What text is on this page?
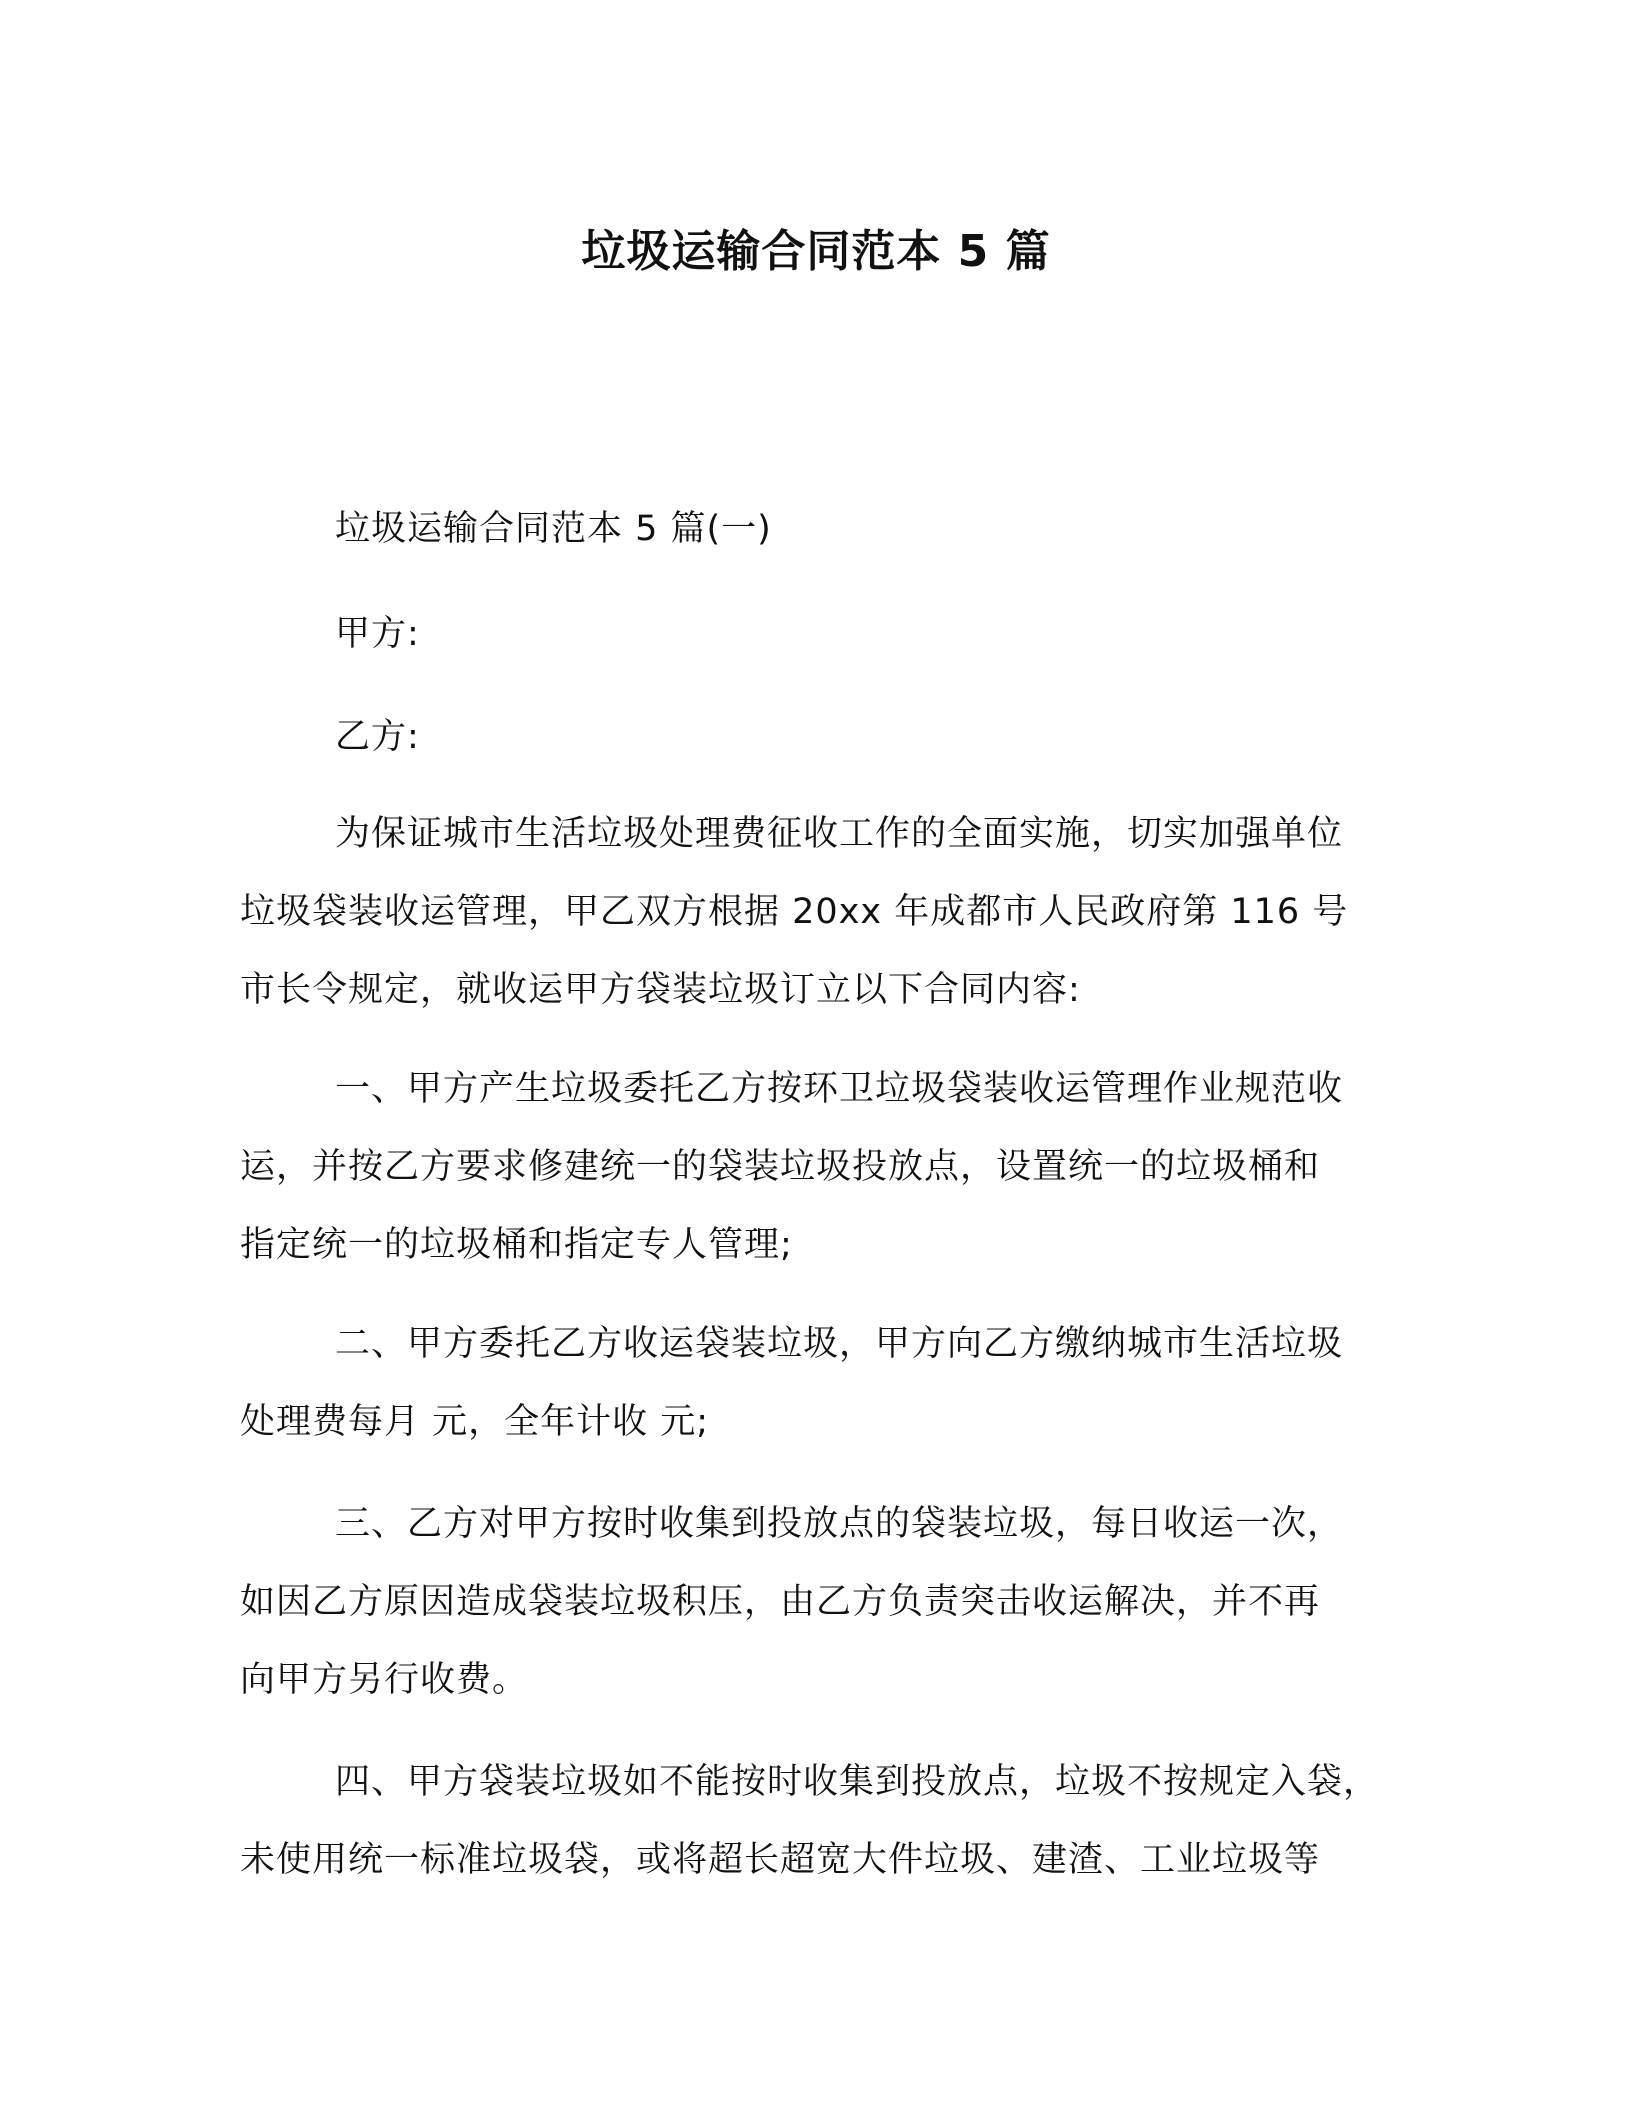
垃圾运输合同范本 5 篇
垃圾运输合同范本 5 篇(一)
甲方:
乙方:
为保证城市生活垃圾处理费征收工作的全面实施，切实加强单位
垃圾袋装收运管理，甲乙双方根据 20xx 年成都市人民政府第 116 号
市长令规定，就收运甲方袋装垃圾订立以下合同内容:
一、甲方产生垃圾委托乙方按环卫垃圾袋装收运管理作业规范收
运，并按乙方要求修建统一的袋装垃圾投放点，设置统一的垃圾桶和
指定统一的垃圾桶和指定专人管理;
二、甲方委托乙方收运袋装垃圾，甲方向乙方缴纳城市生活垃圾
处理费每月 元，全年计收 元;
三、乙方对甲方按时收集到投放点的袋装垃圾，每日收运一次，
如因乙方原因造成袋装垃圾积压，由乙方负责突击收运解决，并不再
向甲方另行收费。
四、甲方袋装垃圾如不能按时收集到投放点，垃圾不按规定入袋，
未使用统一标准垃圾袋，或将超长超宽大件垃圾、建渣、工业垃圾等
